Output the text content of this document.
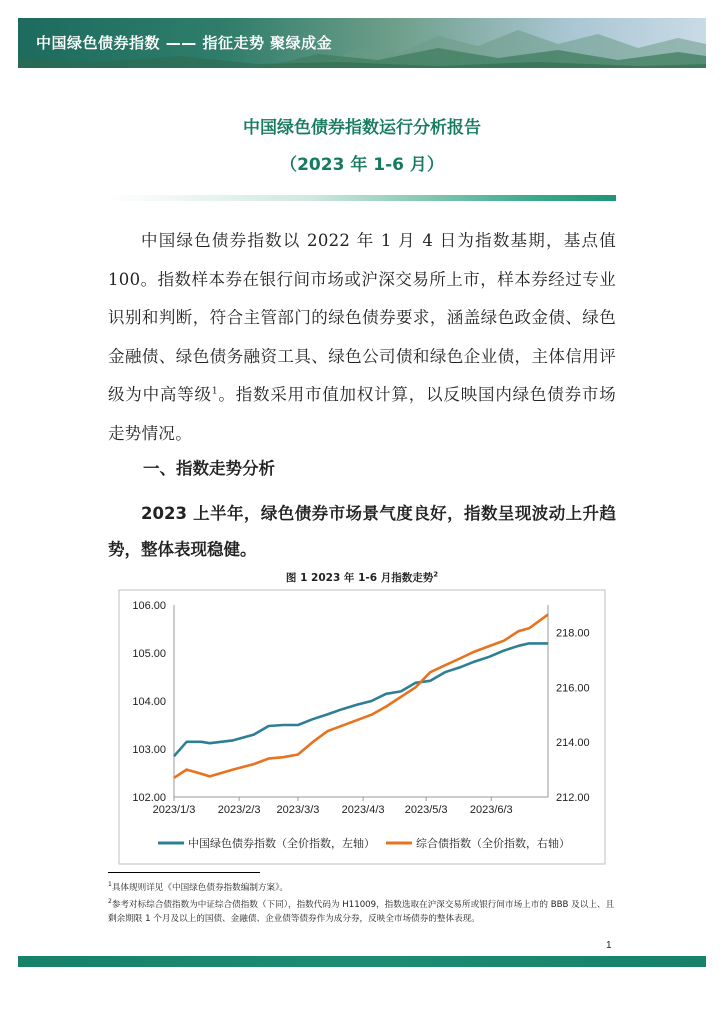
中国绿色债券指数 —— 指征走势 聚绿成金
中国绿色债券指数运行分析报告
（2023 年 1-6 月）

中国绿色债券指数以 2022 年 1 月 4 日为指数基期，基点值 100。指数样本券在银行间市场或沪深交易所上市，样本券经过专业识别和判断，符合主管部门的绿色债券要求，涵盖绿色政金债、绿色金融债、绿色债务融资工具、绿色公司债和绿色企业债，主体信用评级为中高等级$^1$。指数采用市值加权计算，以反映国内绿色债券市场走势情况。

一、指数走势分析

2023 上半年，绿色债券市场景气度良好，指数呈现波动上升趋势，整体表现稳健。

图 1 2023 年 1-6 月指数走势$^2$
102.00
103.00
104.00
105.00
106.00
212.00
214.00
216.00
218.00
2023/1/3 2023/2/3 2023/3/3 2023/4/3 2023/5/3 2023/6/3
中国绿色债券指数（全价指数，左轴）	综合债指数（全价指数，右轴）
$^1$具体规则详见《中国绿色债券指数编制方案》。
$^2$参考对标综合债指数为中证综合债指数（下同），指数代码为 H11009，指数选取在沪深交易所或银行间市场上市的 BBB 及以上、且剩余期限 1 个月及以上的国债、金融债、企业债等债券作为成分券，反映全市场债券的整体表现。
1
